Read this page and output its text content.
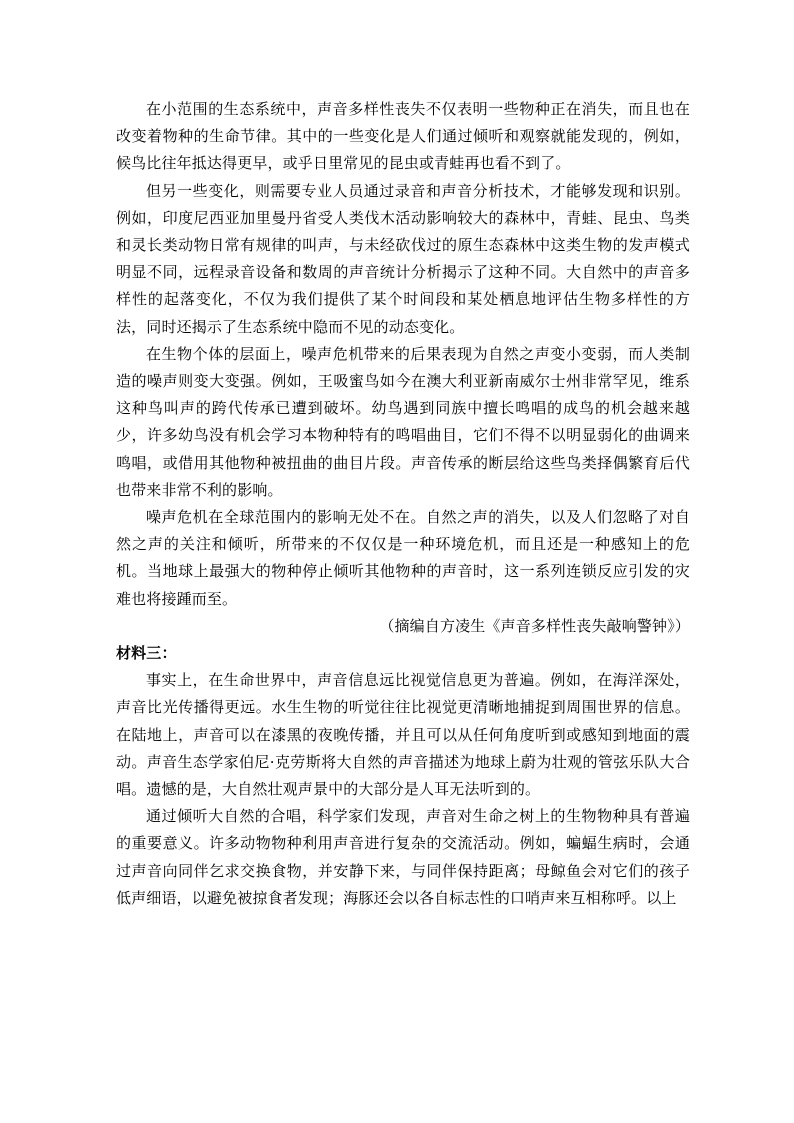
在小范围的生态系统中，声音多样性丧失不仅表明一些物种正在消失，而且也在改变着物种的生命节律。其中的一些变化是人们通过倾听和观察就能发现的，例如，候鸟比往年抵达得更早，或乎日里常见的昆虫或青蛙再也看不到了。

但另一些变化，则需要专业人员通过录音和声音分析技术，才能够发现和识别。例如，印度尼西亚加里曼丹省受人类伐木活动影响较大的森林中，青蛙、昆虫、鸟类和灵长类动物日常有规律的叫声，与未经砍伐过的原生态森林中这类生物的发声模式明显不同，远程录音设备和数周的声音统计分析揭示了这种不同。大自然中的声音多样性的起落变化，不仅为我们提供了某个时间段和某处栖息地评估生物多样性的方法，同时还揭示了生态系统中隐而不见的动态变化。

在生物个体的层面上，噪声危机带来的后果表现为自然之声变小变弱，而人类制造的噪声则变大变强。例如，王吸蜜鸟如今在澳大利亚新南威尔士州非常罕见，维系这种鸟叫声的跨代传承已遭到破坏。幼鸟遇到同族中擅长鸣唱的成鸟的机会越来越少，许多幼鸟没有机会学习本物种特有的鸣唱曲目，它们不得不以明显弱化的曲调来鸣唱，或借用其他物种被扭曲的曲目片段。声音传承的断层给这些鸟类择偶繁育后代也带来非常不利的影响。

噪声危机在全球范围内的影响无处不在。自然之声的消失，以及人们忽略了对自然之声的关注和倾听，所带来的不仅仅是一种环境危机，而且还是一种感知上的危机。当地球上最强大的物种停止倾听其他物种的声音时，这一系列连锁反应引发的灾难也将接踵而至。

（摘编自方凌生《声音多样性丧失敲响警钟》）

材料三：

事实上，在生命世界中，声音信息远比视觉信息更为普遍。例如，在海洋深处，声音比光传播得更远。水生生物的听觉往往比视觉更清晰地捕捉到周围世界的信息。在陆地上，声音可以在漆黑的夜晚传播，并且可以从任何角度听到或感知到地面的震动。声音生态学家伯尼·克劳斯将大自然的声音描述为地球上蔚为壮观的管弦乐队大合唱。遗憾的是，大自然壮观声景中的大部分是人耳无法听到的。

通过倾听大自然的合唱，科学家们发现，声音对生命之树上的生物物种具有普遍的重要意义。许多动物物种利用声音进行复杂的交流活动。例如，蝙蝠生病时，会通过声音向同伴乞求交换食物，并安静下来，与同伴保持距离；母鲸鱼会对它们的孩子低声细语，以避免被掠食者发现；海豚还会以各自标志性的口哨声来互相称呼。以上
